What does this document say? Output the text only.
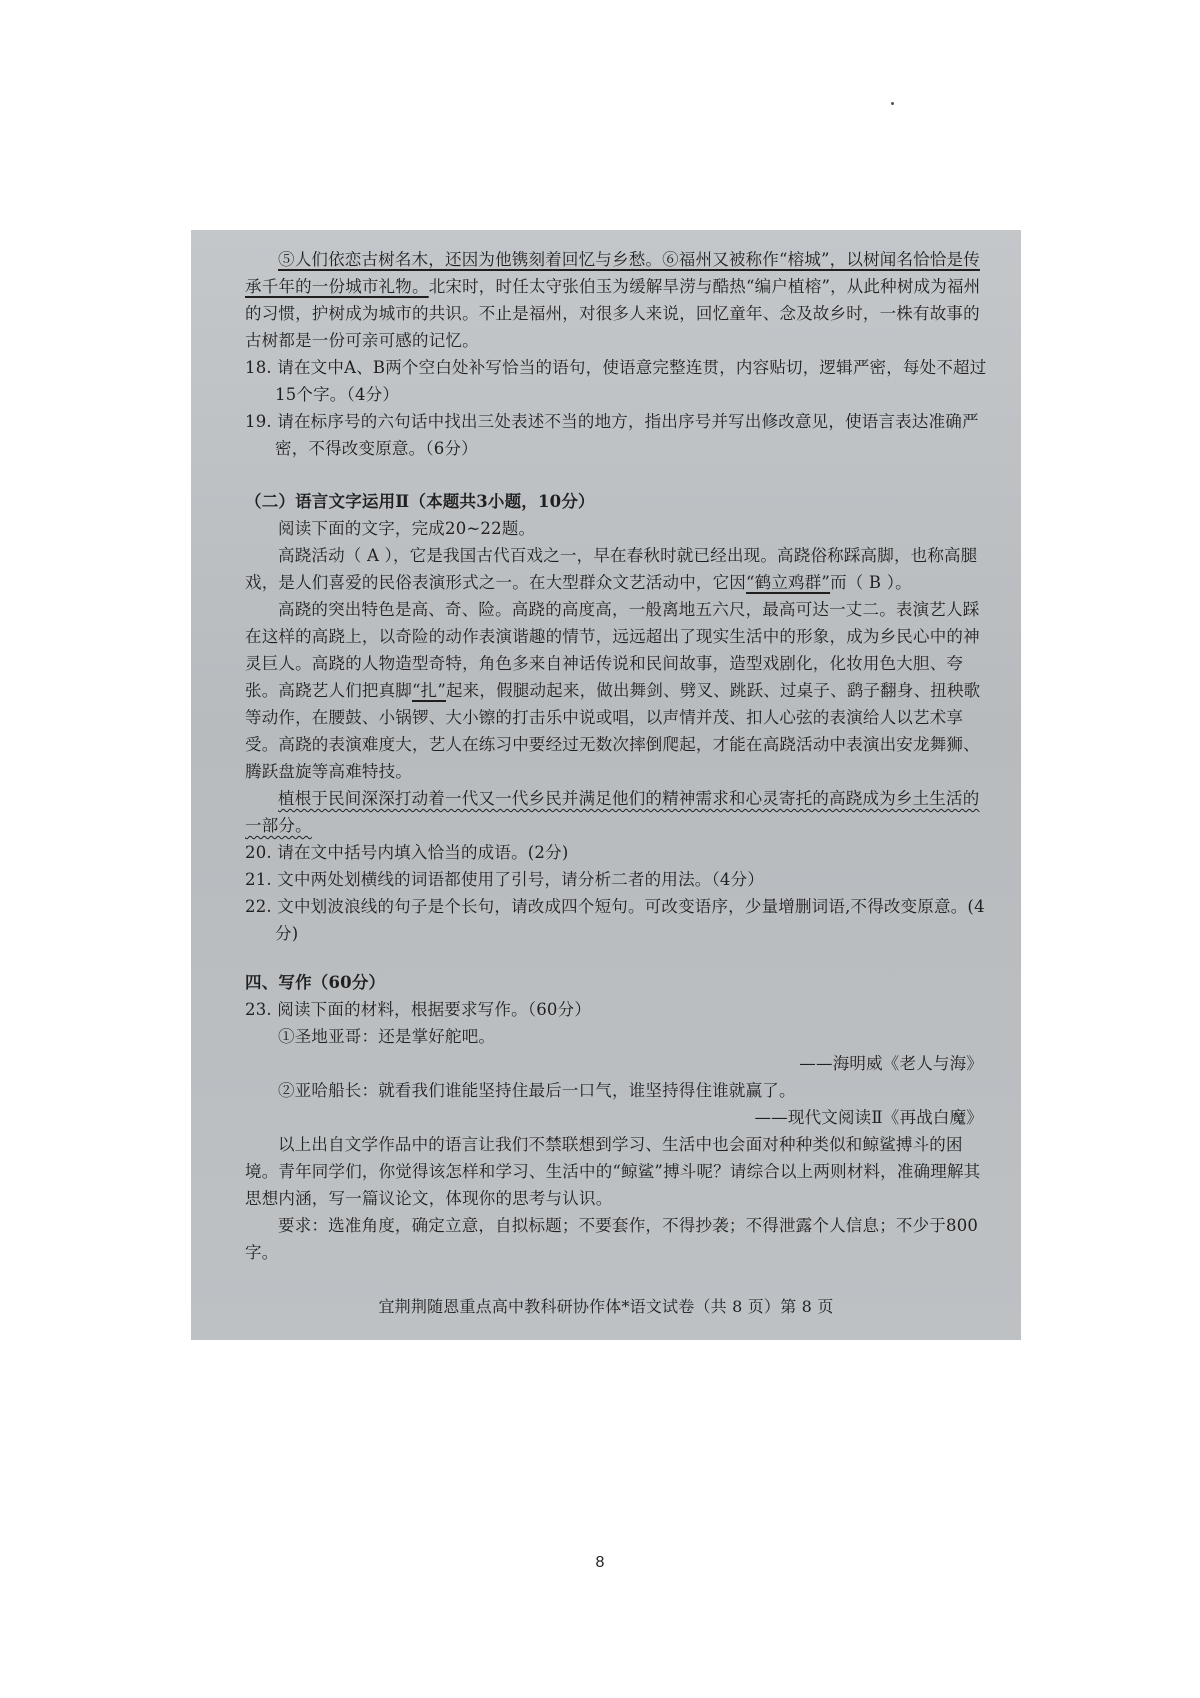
⑤人们依恋古树名木，还因为他镌刻着回忆与乡愁。⑥福州又被称作“榕城”，以树闻名恰恰是传承千年的一份城市礼物。北宋时，时任太守张伯玉为缓解旱涝与酷热“编户植榕”，从此种树成为福州的习惯，护树成为城市的共识。不止是福州，对很多人来说，回忆童年、念及故乡时，一株有故事的古树都是一份可亲可感的记忆。

18. 请在文中A、B两个空白处补写恰当的语句，使语意完整连贯，内容贴切，逻辑严密，每处不超过15个字。（4分）

19. 请在标序号的六句话中找出三处表述不当的地方，指出序号并写出修改意见，使语言表达准确严密，不得改变原意。（6分）

（二）语言文字运用Ⅱ（本题共3小题，10分）

阅读下面的文字，完成20~22题。

高跷活动（ A ），它是我国古代百戏之一，早在春秋时就已经出现。高跷俗称踩高脚，也称高腿戏，是人们喜爱的民俗表演形式之一。在大型群众文艺活动中，它因“鹤立鸡群”而（ B ）。

高跷的突出特色是高、奇、险。高跷的高度高，一般离地五六尺，最高可达一丈二。表演艺人踩在这样的高跷上，以奇险的动作表演谐趣的情节，远远超出了现实生活中的形象，成为乡民心中的神灵巨人。高跷的人物造型奇特，角色多来自神话传说和民间故事，造型戏剧化，化妆用色大胆、夸张。高跷艺人们把真脚“扎”起来，假腿动起来，做出舞剑、劈叉、跳跃、过桌子、鹞子翻身、扭秧歌等动作，在腰鼓、小锅锣、大小镲的打击乐中说或唱，以声情并茂、扣人心弦的表演给人以艺术享受。高跷的表演难度大，艺人在练习中要经过无数次摔倒爬起，才能在高跷活动中表演出安龙舞狮、腾跃盘旋等高难特技。

植根于民间深深打动着一代又一代乡民并满足他们的精神需求和心灵寄托的高跷成为乡土生活的一部分。

20. 请在文中括号内填入恰当的成语。(2分)

21. 文中两处划横线的词语都使用了引号，请分析二者的用法。（4分）

22. 文中划波浪线的句子是个长句，请改成四个短句。可改变语序，少量增删词语,不得改变原意。(4分)

四、写作（60分）

23. 阅读下面的材料，根据要求写作。（60分）

①圣地亚哥：还是掌好舵吧。

——海明威《老人与海》

②亚哈船长：就看我们谁能坚持住最后一口气，谁坚持得住谁就赢了。

——现代文阅读Ⅱ《再战白魔》

以上出自文学作品中的语言让我们不禁联想到学习、生活中也会面对种种类似和鲸鲨搏斗的困境。青年同学们，你觉得该怎样和学习、生活中的“鲸鲨”搏斗呢？请综合以上两则材料，准确理解其思想内涵，写一篇议论文，体现你的思考与认识。

要求：选准角度，确定立意，自拟标题；不要套作，不得抄袭；不得泄露个人信息；不少于800字。

宜荆荆随恩重点高中教科研协作体*语文试卷（共 8 页）第 8 页
8
